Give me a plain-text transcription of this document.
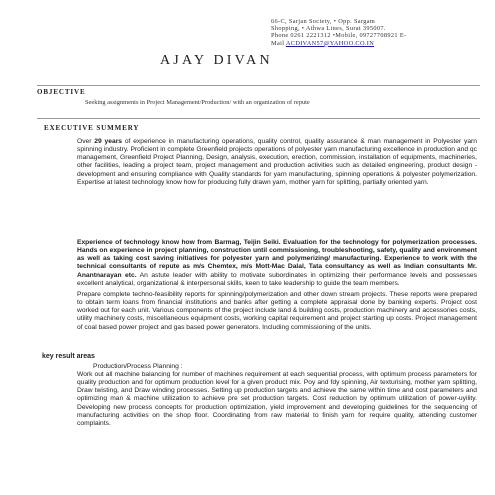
66-C, Sarjan Society, • Opp. Sargam
Shopping, • Athwa Lines, Surat 395007.
Phone 0261 2221312 •Mobile, 09727708921 E-
Mail ACDIVAN57@YAHOO.CO.IN
AJAY DIVAN
OBJECTIVE
Seeking assignments in Project Management/Production/ with an organization of repute
EXECUTIVE SUMMERY
Over 29 years of experience in manufacturing operations, quality control, quality assurance & man management in Polyester yarn spinning industry. Proficient in complete Greenfield projects operations of polyester yarn manufacturing excellence in production and qc management, Greenfield Project Planning, Design, analysis, execution, erection, commission, installation of equipments, machineries, other facilities, leading a project team, project management and production activities such as detailed engineering, product design - development and ensuring compliance with Quality standards for yarn manufacturing, spinning operations & polyester polymerization. Expertise at latest technology know how for producing fully drawn yarn, mother yarn for splitting, partially oriented yarn.
Experience of technology know how from Barmag, Teijin Seiki. Evaluation for the technology for polymerization processes. Hands on experience in project planning, construction until commissioning, troubleshooting, safety, quality and environment as well as taking cost saving initiatives for polyester yarn and polymerizing/ manufacturing. Experience to work with the technical consultants of repute as m/s Chemtex, m/s Mott-Mac Dalal, Tata consultancy as well as Indian consultants Mr. Anantnarayan etc. An astute leader with ability to motivate subordinates in optimizing their performance levels and possesses excellent analytical, organizational & interpersonal skills, keen to take leadership to guide the team members.
Prepare complete techno-feasibility reports for spinning/polymerization and other down stream projects. These reports were prepared to obtain term loans from financial institutions and banks after getting a complete appraisal done by banking experts. Project cost worked out for each unit. Various components of the project include land & building costs, production machinery and accessories costs, utility machinery costs, miscellaneous equipment costs, working capital requirement and project starting up costs. Project management of coal based power project and gas based power generators. Including commissioning of the units.
key result areas
Production/Process Planning :
Work out all machine balancing for number of machines requirement at each sequential process, with optimum process parameters for quality production and for optimum production level for a given product mix. Poy and fdy spinning, Air texturising, mother yarn splitting, Draw twisting, and Draw winding processes. Setting up production targets and achieve the same within time and cost parameters and optimizing man & machine utilization to achieve pre set production targets. Cost reduction by optimum utilization of power-uyility. Developing new process concepts for production optimization, yield improvement and developing guidelines for the sequencing of manufacturing activities on the shop floor. Coordinating from raw material to finish yarn for require quality, attending customer complaints.
